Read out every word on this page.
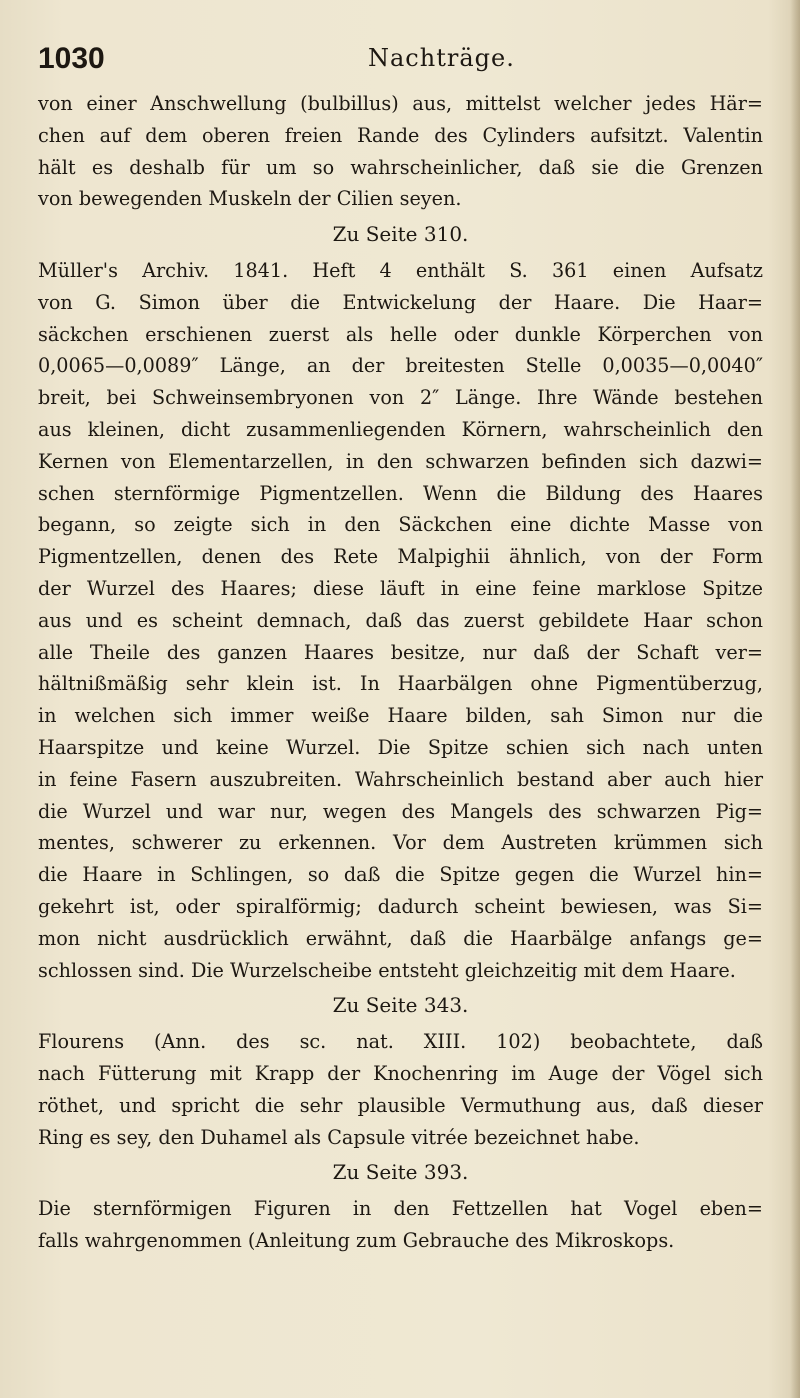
1030	Nachträge.
von einer Anschwellung (bulbillus) aus, mittelst welcher jedes Här=
chen auf dem oberen freien Rande des Cylinders aufsitzt. Valentin
hält es deshalb für um so wahrscheinlicher, daß sie die Grenzen
von bewegenden Muskeln der Cilien seyen.
Zu Seite 310.
Müller's Archiv. 1841. Heft 4 enthält S. 361 einen Aufsatz
von G. Simon über die Entwickelung der Haare. Die Haar=
säckchen erschienen zuerst als helle oder dunkle Körperchen von
0,0065—0,0089″ Länge, an der breitesten Stelle 0,0035—0,0040″
breit, bei Schweinsembryonen von 2″ Länge. Ihre Wände bestehen
aus kleinen, dicht zusammenliegenden Körnern, wahrscheinlich den
Kernen von Elementarzellen, in den schwarzen befinden sich dazwi=
schen sternförmige Pigmentzellen. Wenn die Bildung des Haares
begann, so zeigte sich in den Säckchen eine dichte Masse von
Pigmentzellen, denen des Rete Malpighii ähnlich, von der Form
der Wurzel des Haares; diese läuft in eine feine marklose Spitze
aus und es scheint demnach, daß das zuerst gebildete Haar schon
alle Theile des ganzen Haares besitze, nur daß der Schaft ver=
hältnißmäßig sehr klein ist. In Haarbälgen ohne Pigmentüberzug,
in welchen sich immer weiße Haare bilden, sah Simon nur die
Haarspitze und keine Wurzel. Die Spitze schien sich nach unten
in feine Fasern auszubreiten. Wahrscheinlich bestand aber auch hier
die Wurzel und war nur, wegen des Mangels des schwarzen Pig=
mentes, schwerer zu erkennen. Vor dem Austreten krümmen sich
die Haare in Schlingen, so daß die Spitze gegen die Wurzel hin=
gekehrt ist, oder spiralförmig; dadurch scheint bewiesen, was Si=
mon nicht ausdrücklich erwähnt, daß die Haarbälge anfangs ge=
schlossen sind. Die Wurzelscheibe entsteht gleichzeitig mit dem Haare.
Zu Seite 343.
Flourens (Ann. des sc. nat. XIII. 102) beobachtete, daß
nach Fütterung mit Krapp der Knochenring im Auge der Vögel sich
röthet, und spricht die sehr plausible Vermuthung aus, daß dieser
Ring es sey, den Duhamel als Capsule vitrée bezeichnet habe.
Zu Seite 393.
Die sternförmigen Figuren in den Fettzellen hat Vogel eben=
falls wahrgenommen (Anleitung zum Gebrauche des Mikroskops.
